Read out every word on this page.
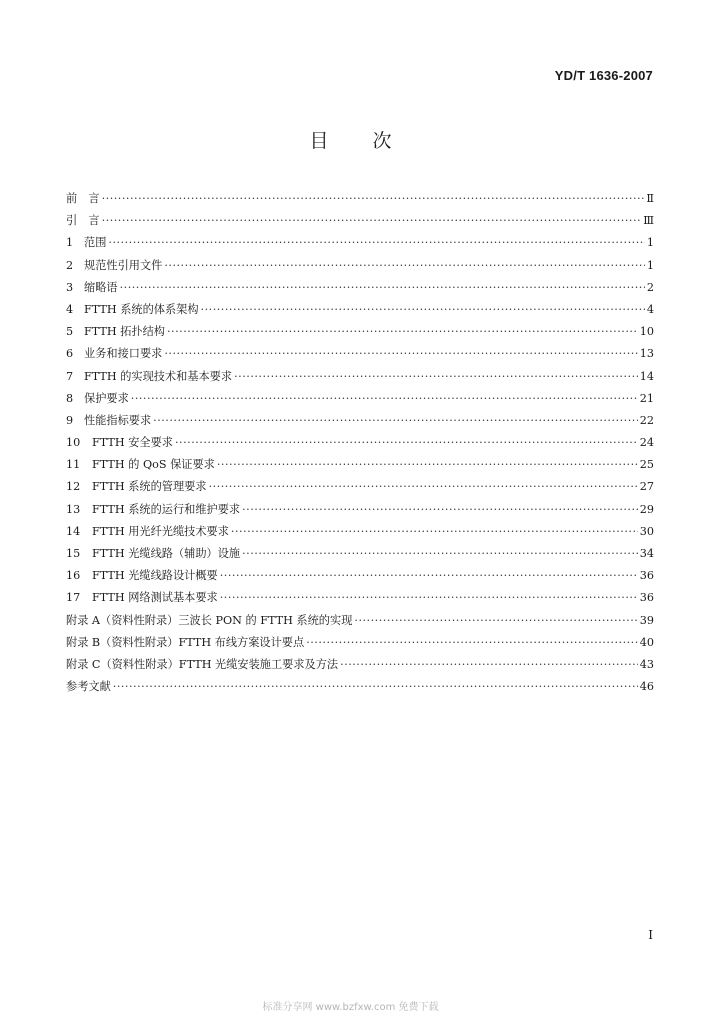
YD/T 1636-2007
目次
前　言 ·····	Ⅱ
引　言 ·····	Ⅲ
1 范围 ·····	1
2 规范性引用文件 ·····	1
3 缩略语 ·····	2
4 FTTH 系统的体系架构 ·····	4
5 FTTH 拓扑结构 ·····	10
6 业务和接口要求 ·····	13
7 FTTH 的实现技术和基本要求 ·····	14
8 保护要求 ·····	21
9 性能指标要求 ·····	22
10	FTTH 安全要求 ·····	24
11	FTTH 的 QoS 保证要求 ·····	25
12	FTTH 系统的管理要求 ·····	27
13	FTTH 系统的运行和维护要求 ·····	29
14	FTTH 用光纤光缆技术要求 ·····	30
15	FTTH 光缆线路（辅助）设施 ·····	34
16	FTTH 光缆线路设计概要 ·····	36
17	FTTH 网络测试基本要求 ·····	36
附录 A（资料性附录）三波长 PON 的 FTTH 系统的实现 ·····	39
附录 B（资料性附录）FTTH 布线方案设计要点 ·····	40
附录 C（资料性附录）FTTH 光缆安装施工要求及方法 ·····	43
参考文献 ·····	46
I
标准分享网 www.bzfxw.com 免费下载
